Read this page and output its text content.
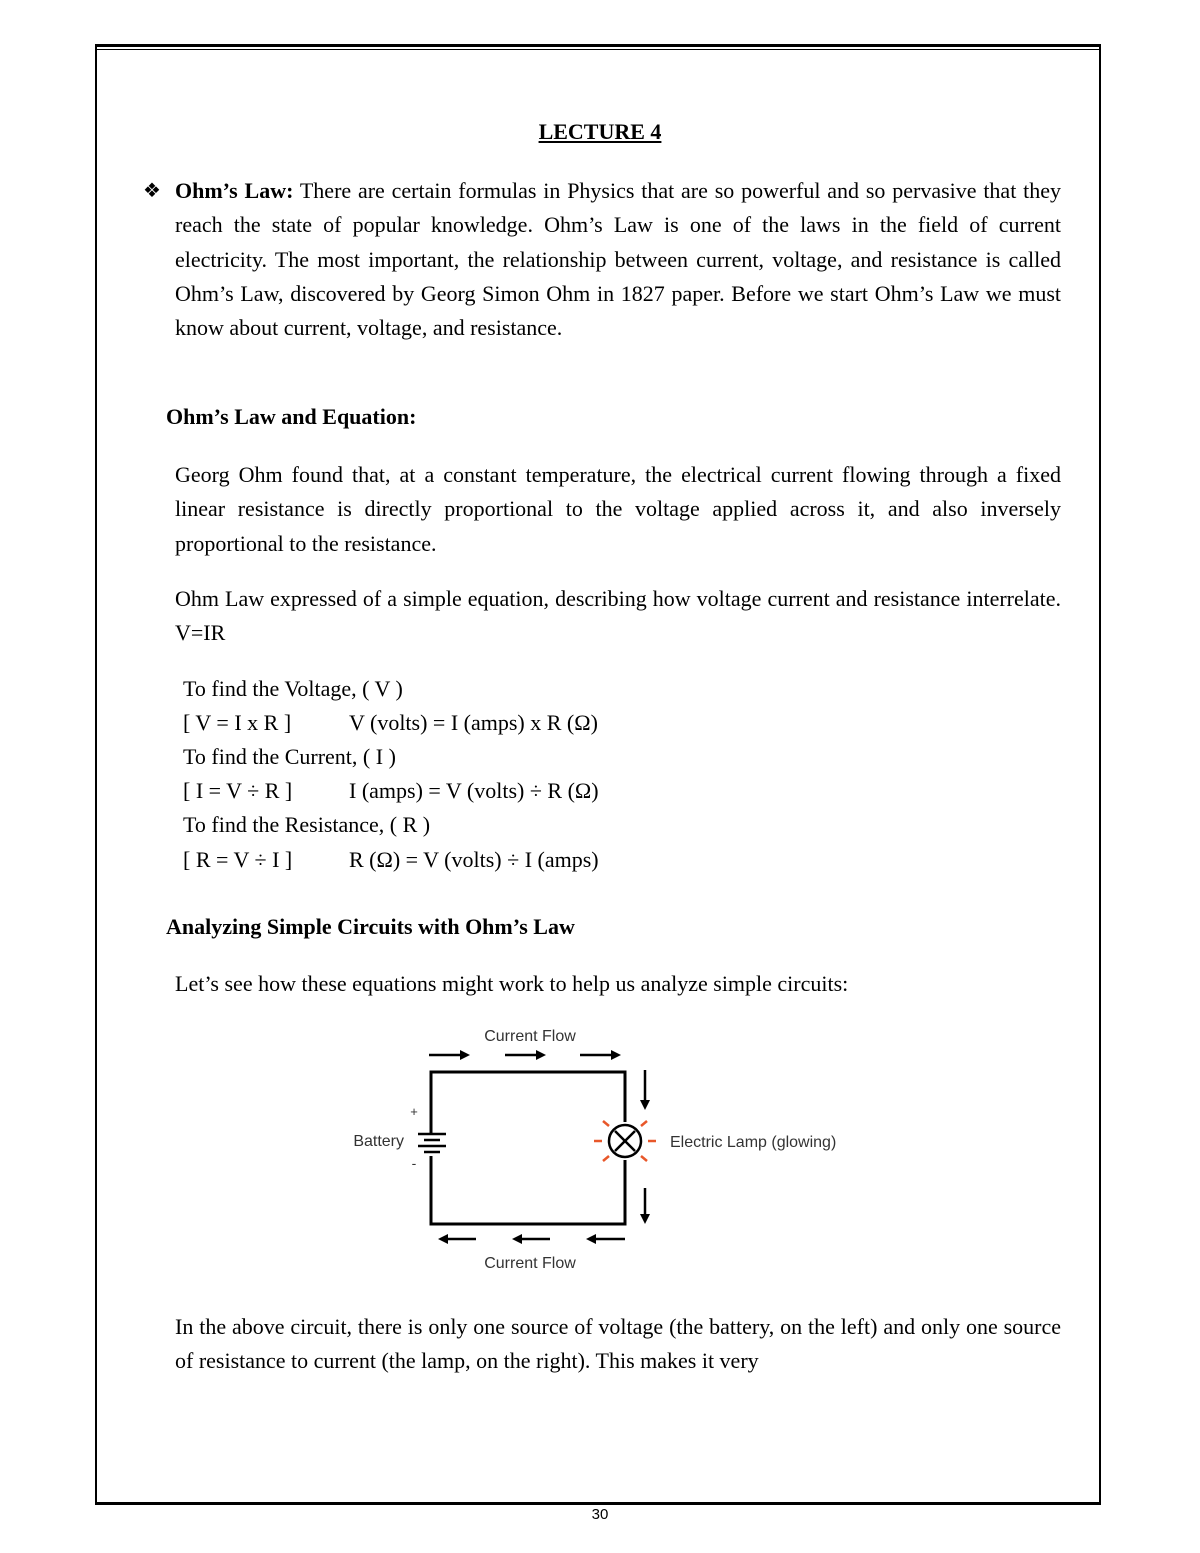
LECTURE 4
❖ Ohm’s Law: There are certain formulas in Physics that are so powerful and so pervasive that they reach the state of popular knowledge. Ohm’s Law is one of the laws in the field of current electricity. The most important, the relationship between current, voltage, and resistance is called Ohm’s Law, discovered by Georg Simon Ohm in 1827 paper. Before we start Ohm’s Law we must know about current, voltage, and resistance.

Ohm’s Law and Equation:

Georg Ohm found that, at a constant temperature, the electrical current flowing through a fixed linear resistance is directly proportional to the voltage applied across it, and also inversely proportional to the resistance.

Ohm Law expressed of a simple equation, describing how voltage current and resistance interrelate. V=IR

To find the Voltage, ( V )
[ V = I x R ]	V (volts) = I (amps) x R (Ω)
To find the Current, ( I )
[ I = V ÷ R ]	I (amps) = V (volts) ÷ R (Ω)
To find the Resistance, ( R )
[ R = V ÷ I ]	R (Ω) = V (volts) ÷ I (amps)
Analyzing Simple Circuits with Ohm’s Law

Let’s see how these equations might work to help us analyze simple circuits:

Current Flow
+
-
Battery	Electric Lamp (glowing)
Current Flow

In the above circuit, there is only one source of voltage (the battery, on the left) and only one source of resistance to current (the lamp, on the right). This makes it very

30
